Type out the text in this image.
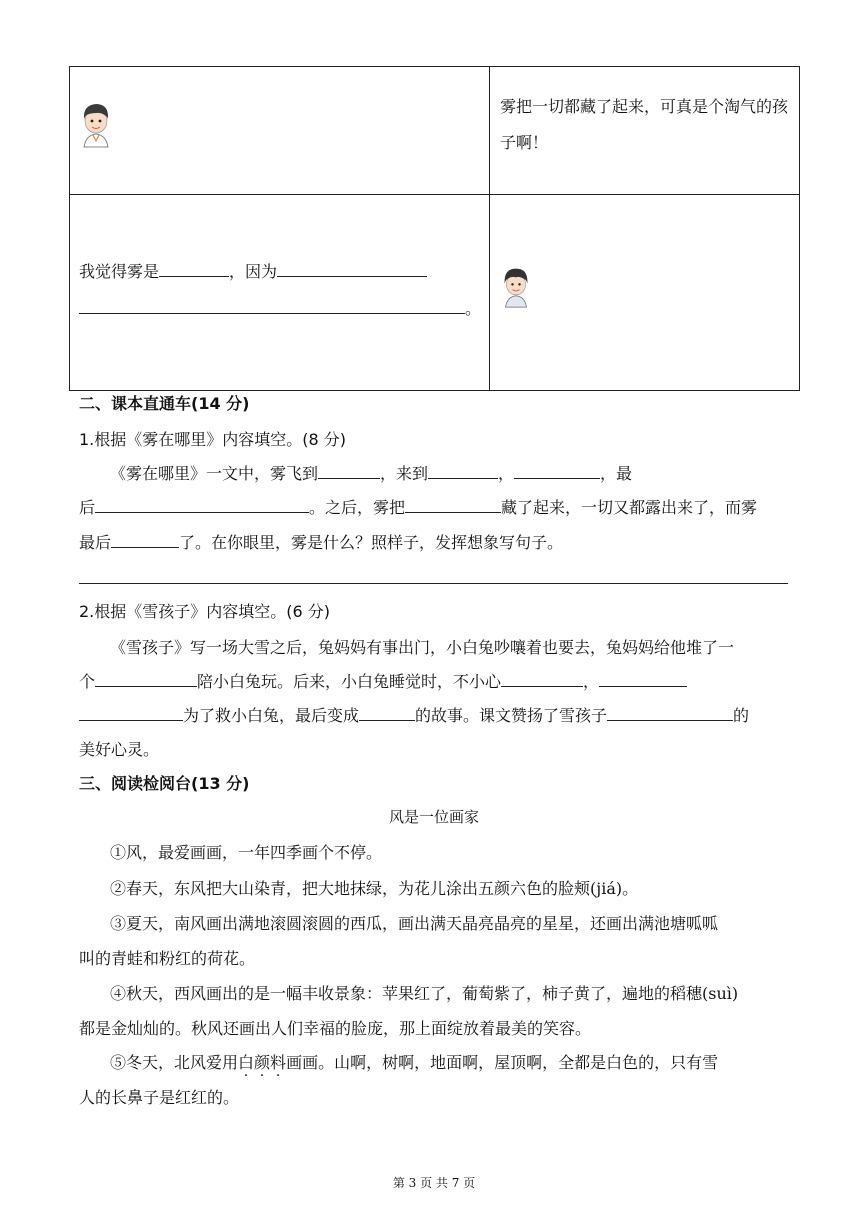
雾把一切都藏了起来，可真是个淘气的孩子啊！

我觉得雾是 ，因为
。

二、课本直通车(14 分)
1.根据《雾在哪里》内容填空。(8 分)
《雾在哪里》一文中，雾飞到	，来到	，	，最
后	。之后，雾把	藏了起来，一切又都露出来了，而雾
最后	了。在你眼里，雾是什么？照样子，发挥想象写句子。
2.根据《雪孩子》内容填空。(6 分)
《雪孩子》写一场大雪之后，兔妈妈有事出门，小白兔吵嚷着也要去，兔妈妈给他堆了一
个	陪小白兔玩。后来，小白兔睡觉时，不小心	，
为了救小白兔，最后变成	的故事。课文赞扬了雪孩子	的
美好心灵。
三、阅读检阅台(13 分)
风是一位画家
①风，最爱画画，一年四季画个不停。
②春天，东风把大山染青，把大地抹绿，为花儿涂出五颜六色的脸颊(jiá)。
③夏天，南风画出满地滚圆滚圆的西瓜，画出满天晶亮晶亮的星星，还画出满池塘呱呱
叫的青蛙和粉红的荷花。
④秋天，西风画出的是一幅丰收景象：苹果红了，葡萄紫了，柿子黄了，遍地的稻穗(suì)
都是金灿灿的。秋风还画出人们幸福的脸庞，那上面绽放着最美的笑容。
⑤冬天，北风爱用白颜料画画。山啊，树啊，地面啊，屋顶啊，全都是白色的，只有雪
人的长鼻子是红红的。
第 3 页 共 7 页
